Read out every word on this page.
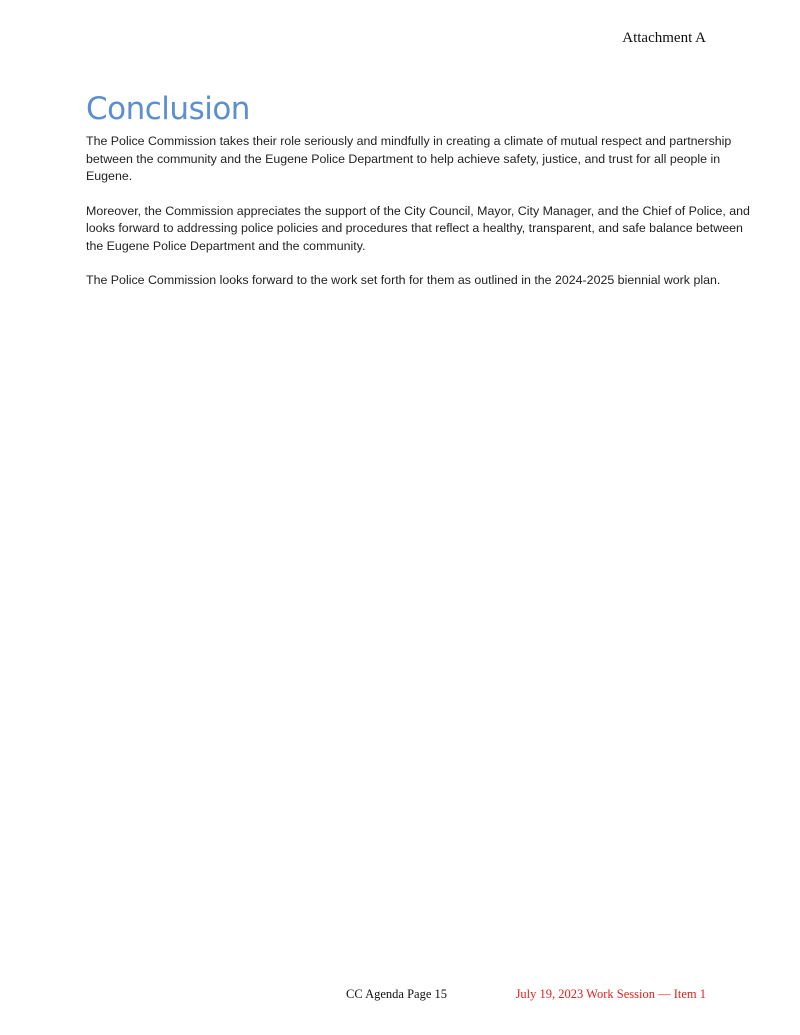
Attachment A
Conclusion

The Police Commission takes their role seriously and mindfully in creating a climate of mutual respect and partnership between the community and the Eugene Police Department to help achieve safety, justice, and trust for all people in Eugene.

Moreover, the Commission appreciates the support of the City Council, Mayor, City Manager, and the Chief of Police, and looks forward to addressing police policies and procedures that reflect a healthy, transparent, and safe balance between the Eugene Police Department and the community.

The Police Commission looks forward to the work set forth for them as outlined in the 2024-2025 biennial work plan.

CC Agenda Page 15	July 19, 2023 Work Session — Item 1
